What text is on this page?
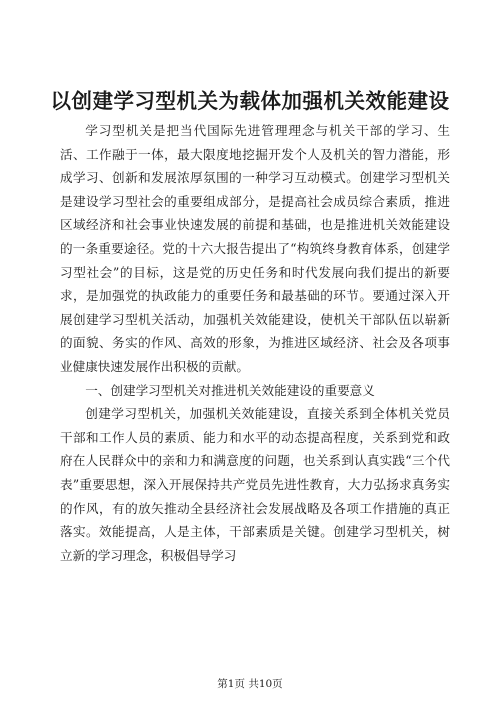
以创建学习型机关为载体加强机关效能建设

学习型机关是把当代国际先进管理理念与机关干部的学习、生活、工作融于一体，最大限度地挖掘开发个人及机关的智力潜能，形成学习、创新和发展浓厚氛围的一种学习互动模式。创建学习型机关是建设学习型社会的重要组成部分，是提高社会成员综合素质，推进区域经济和社会事业快速发展的前提和基础，也是推进机关效能建设的一条重要途径。党的十六大报告提出了“构筑终身教育体系，创建学习型社会”的目标，这是党的历史任务和时代发展向我们提出的新要求，是加强党的执政能力的重要任务和最基础的环节。要通过深入开展创建学习型机关活动，加强机关效能建设，使机关干部队伍以崭新的面貌、务实的作风、高效的形象，为推进区域经济、社会及各项事业健康快速发展作出积极的贡献。

一、创建学习型机关对推进机关效能建设的重要意义

创建学习型机关，加强机关效能建设，直接关系到全体机关党员干部和工作人员的素质、能力和水平的动态提高程度，关系到党和政府在人民群众中的亲和力和满意度的问题，也关系到认真实践“三个代表”重要思想，深入开展保持共产党员先进性教育，大力弘扬求真务实的作风，有的放矢推动全县经济社会发展战略及各项工作措施的真正落实。效能提高，人是主体，干部素质是关键。创建学习型机关，树立新的学习理念，积极倡导学习

第1页 共10页
